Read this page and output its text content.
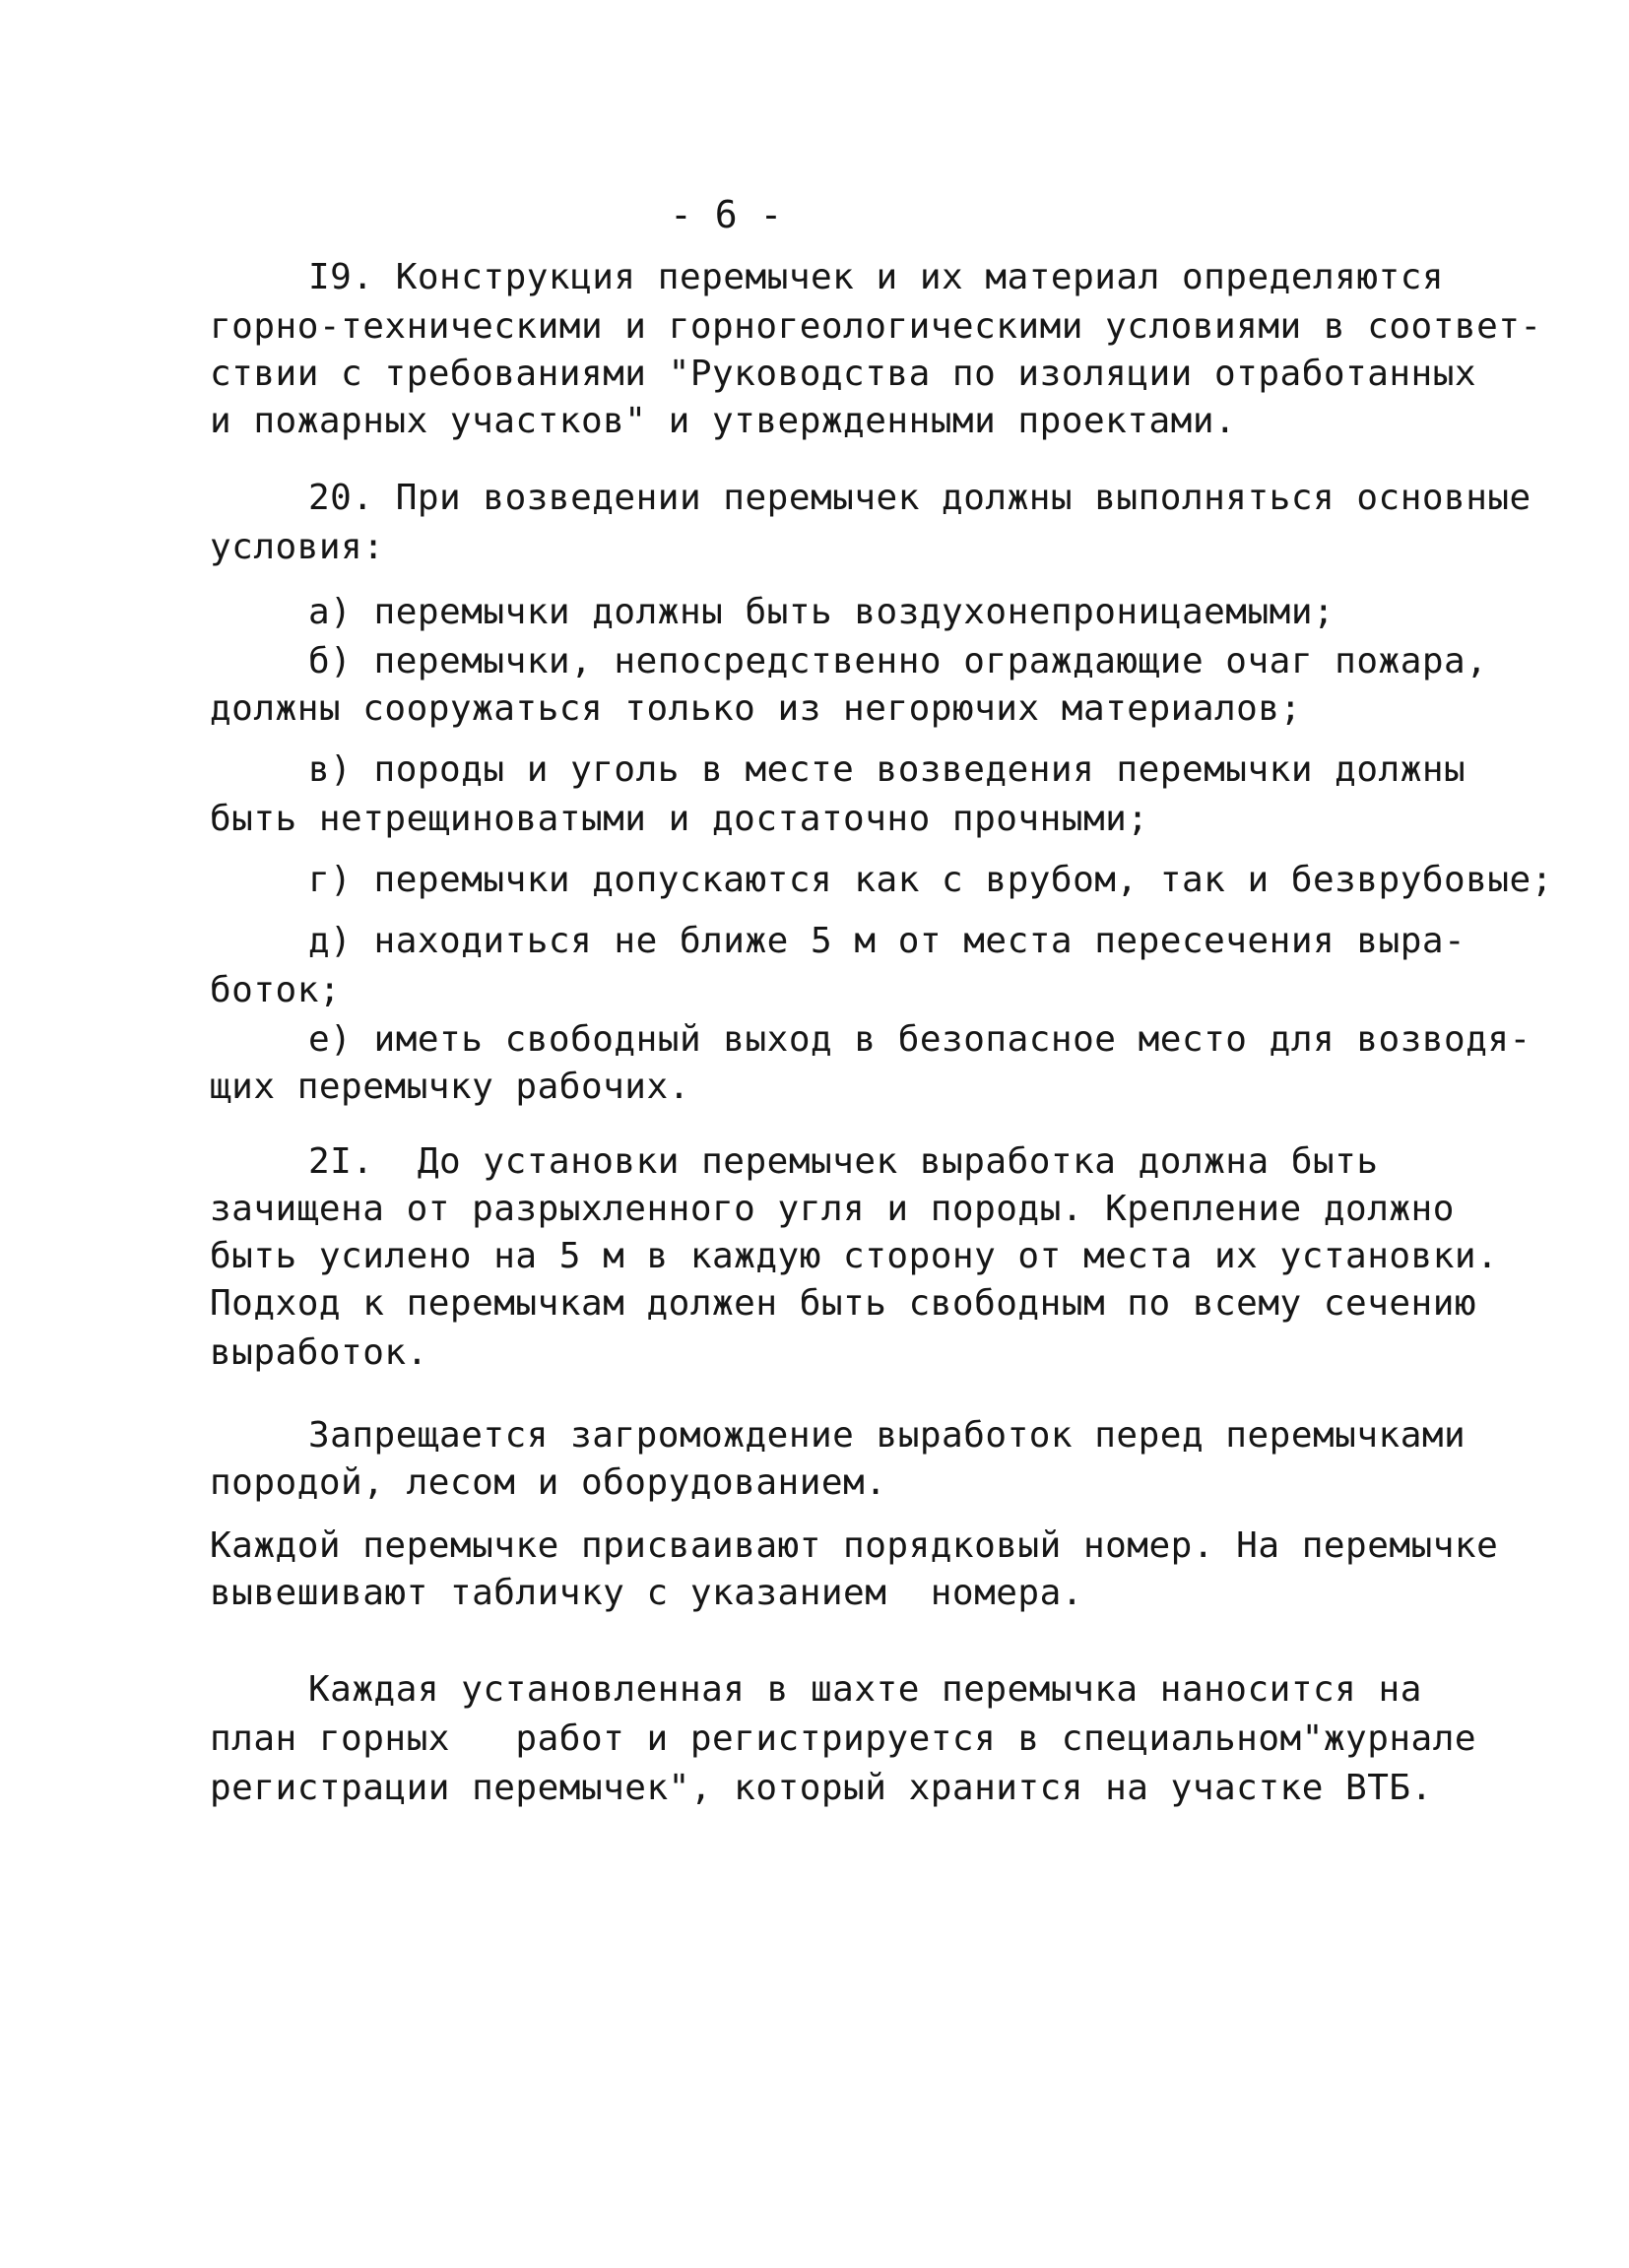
- 6 -
I9. Конструкция перемычек и их материал определяются
горно-техническими и горногеологическими условиями в соответ-
ствии с требованиями "Руководства по изоляции отработанных
и пожарных участков" и утвержденными проектами.
20. При возведении перемычек должны выполняться основные
условия:
а) перемычки должны быть воздухонепроницаемыми;
б) перемычки, непосредственно ограждающие очаг пожара,
должны сооружаться только из негорючих материалов;
в) породы и уголь в месте возведения перемычки должны
быть нетрещиноватыми и достаточно прочными;
г) перемычки допускаются как с врубом, так и безврубовые;
д) находиться не ближе 5 м от места пересечения выра-
боток;
е) иметь свободный выход в безопасное место для возводя-
щих перемычку рабочих.
2I.  До установки перемычек выработка должна быть
зачищена от разрыхленного угля и породы. Крепление должно
быть усилено на 5 м в каждую сторону от места их установки.
Подход к перемычкам должен быть свободным по всему сечению
выработок.
Запрещается загромождение выработок перед перемычками
породой, лесом и оборудованием.
Каждой перемычке присваивают порядковый номер. На перемычке
вывешивают табличку с указанием  номера.
Каждая установленная в шахте перемычка наносится на
план горных   работ и регистрируется в специальном"журнале
регистрации перемычек", который хранится на участке ВТБ.
